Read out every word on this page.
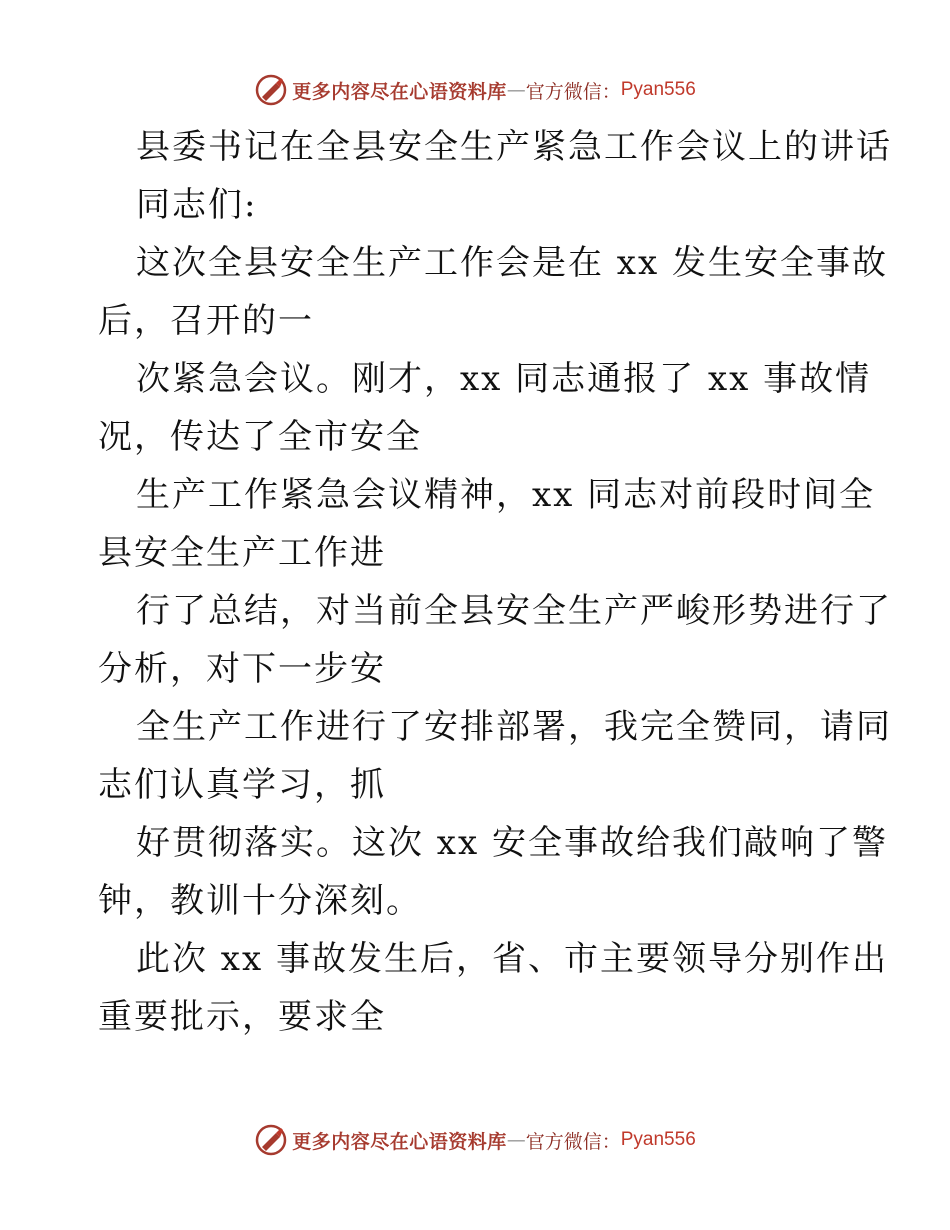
更多内容尽在心语资料库 — 官方微信： Pyan556
县委书记在全县安全生产紧急工作会议上的讲话
同志们:
这次全县安全生产工作会是在 xx 发生安全事故
后，召开的一
次紧急会议。刚才，xx 同志通报了 xx 事故情
况，传达了全市安全
生产工作紧急会议精神，xx 同志对前段时间全
县安全生产工作进
行了总结，对当前全县安全生产严峻形势进行了
分析，对下一步安
全生产工作进行了安排部署，我完全赞同，请同
志们认真学习，抓
好贯彻落实。这次 xx 安全事故给我们敲响了警
钟，教训十分深刻。
此次 xx 事故发生后，省、市主要领导分别作出
重要批示，要求全
更多内容尽在心语资料库 — 官方微信： Pyan556
